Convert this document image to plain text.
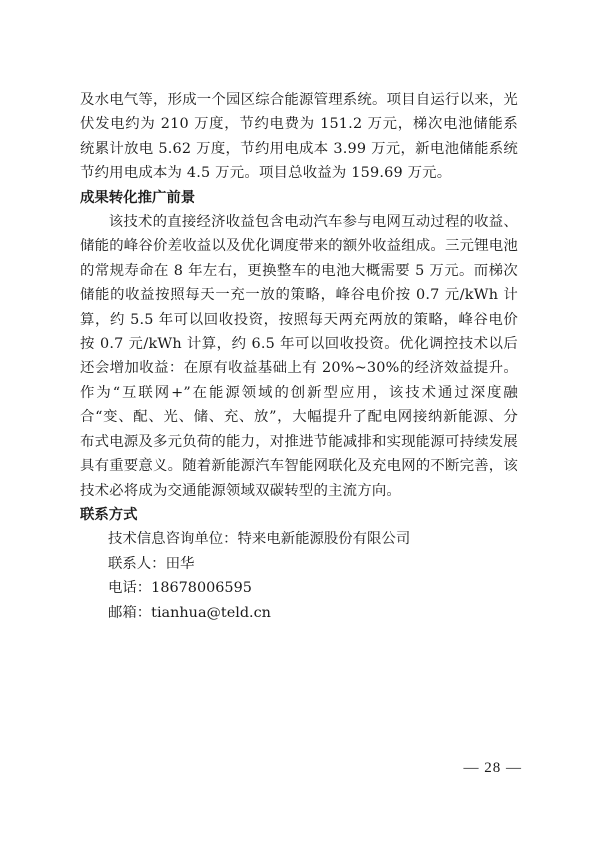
及水电气等，形成一个园区综合能源管理系统。项目自运行以来，光伏发电约为 210 万度，节约电费为 151.2 万元，梯次电池储能系统累计放电 5.62 万度，节约用电成本 3.99 万元，新电池储能系统节约用电成本为 4.5 万元。项目总收益为 159.69 万元。

成果转化推广前景

该技术的直接经济收益包含电动汽车参与电网互动过程的收益、储能的峰谷价差收益以及优化调度带来的额外收益组成。三元锂电池的常规寿命在 8 年左右，更换整车的电池大概需要 5 万元。而梯次储能的收益按照每天一充一放的策略，峰谷电价按 0.7 元/kWh 计算，约 5.5 年可以回收投资，按照每天两充两放的策略，峰谷电价按 0.7 元/kWh 计算，约 6.5 年可以回收投资。优化调控技术以后还会增加收益：在原有收益基础上有 20%~30%的经济效益提升。作为“互联网+”在能源领域的创新型应用，该技术通过深度融合“变、配、光、储、充、放”，大幅提升了配电网接纳新能源、分布式电源及多元负荷的能力，对推进节能减排和实现能源可持续发展具有重要意义。随着新能源汽车智能网联化及充电网的不断完善，该技术必将成为交通能源领域双碳转型的主流方向。

联系方式

技术信息咨询单位：特来电新能源股份有限公司

联系人：田华

电话：18678006595

邮箱：tianhua@teld.cn

— 28 —
